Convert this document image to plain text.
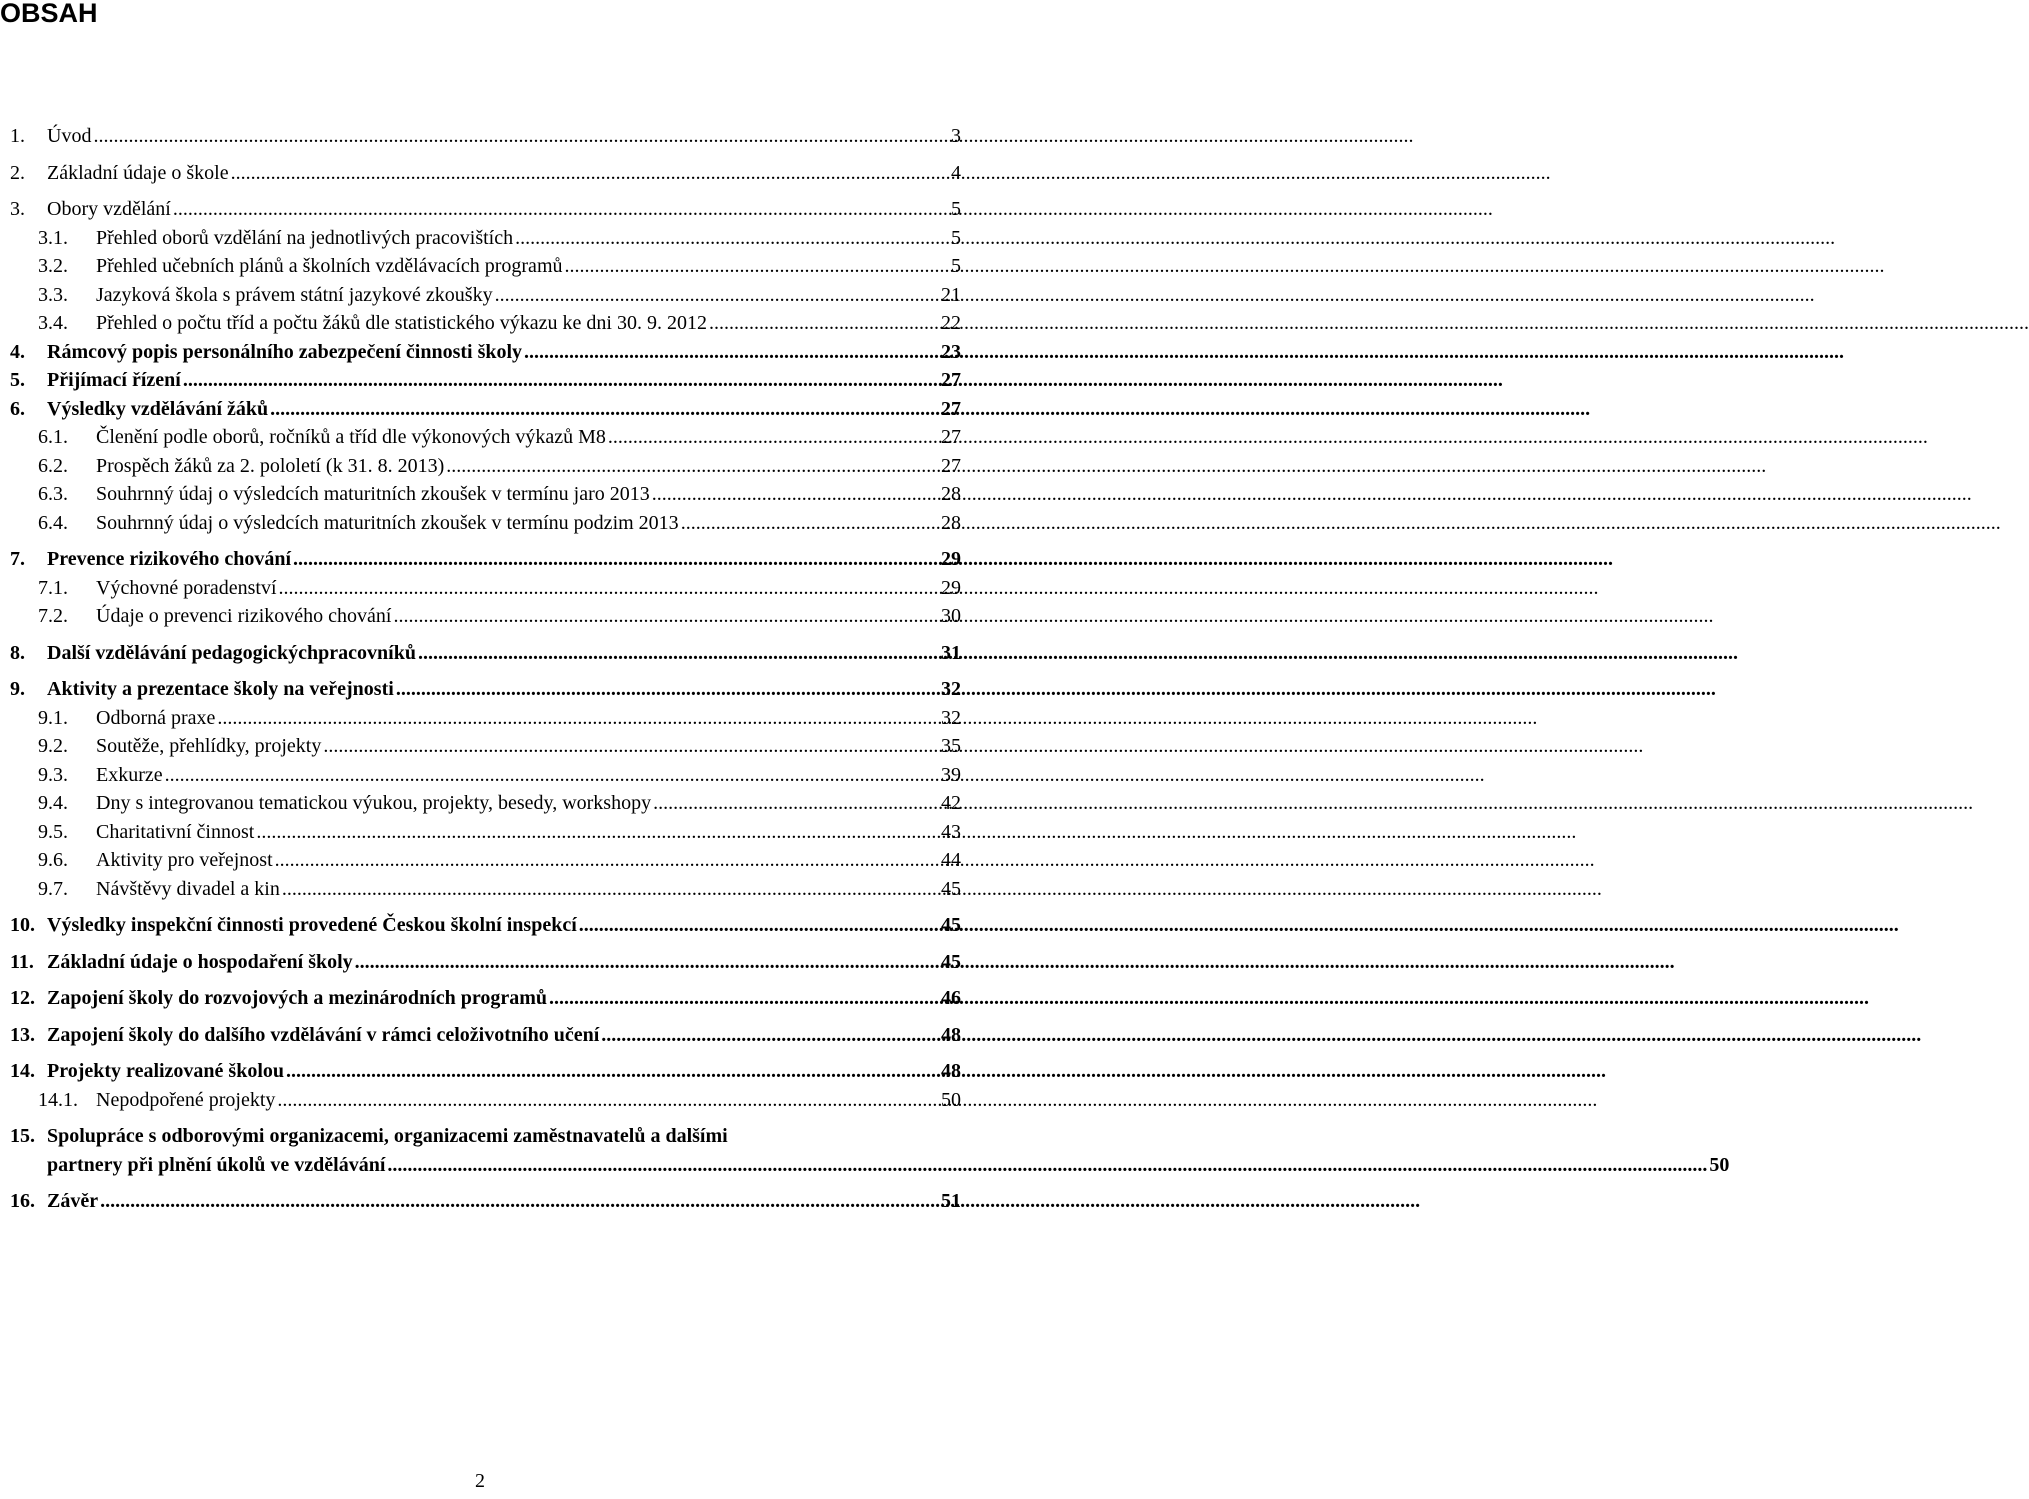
OBSAH
1.	Úvod .....	3
2.	Základní údaje o škole .....	4
3.	Obory vzdělání .....	5
3.1.	Přehled oborů vzdělání na jednotlivých pracovištích .....	5
3.2.	Přehled učebních plánů a školních vzdělávacích programů .....	5
3.3.	Jazyková škola s právem státní jazykové zkoušky .....	21
3.4.	Přehled o počtu tříd a počtu žáků dle statistického výkazu ke dni 30. 9. 2012 .....	22
4.	Rámcový popis personálního zabezpečení činnosti školy .....	23
5.	Přijímací řízení .....	27
6.	Výsledky vzdělávání žáků .....	27
6.1.	Členění podle oborů, ročníků a tříd dle výkonových výkazů M8 .....	27
6.2.	Prospěch žáků za 2. pololetí (k 31. 8. 2013) .....	27
6.3.	Souhrnný údaj o výsledcích maturitních zkoušek v termínu jaro 2013 .....	28
6.4.	Souhrnný údaj o výsledcích maturitních zkoušek v termínu podzim 2013 .....	28
7.	Prevence rizikového chování .....	29
7.1.	Výchovné poradenství .....	29
7.2.	Údaje o prevenci rizikového chování .....	30
8.	Další vzdělávání pedagogickýchpracovníků .....	31
9.	Aktivity a prezentace školy na veřejnosti .....	32
9.1.	Odborná praxe .....	32
9.2.	Soutěže, přehlídky, projekty .....	35
9.3.	Exkurze .....	39
9.4.	Dny s integrovanou tematickou výukou, projekty, besedy, workshopy .....	42
9.5.	Charitativní činnost .....	43
9.6.	Aktivity pro veřejnost .....	44
9.7.	Návštěvy divadel a kin .....	45
10. Výsledky inspekční činnosti provedené Českou školní inspekcí .....	45
11. Základní údaje o hospodaření školy .....	45
12. Zapojení školy do rozvojových a mezinárodních programů .....	46
13. Zapojení školy do dalšího vzdělávání v rámci celoživotního učení .....	48
14. Projekty realizované školou .....	48
14.1. Nepodpořené projekty .....	50
15. Spolupráce s odborovými organizacemi, organizacemi zaměstnavatelů a dalšími
partnery při plnění úkolů ve vzdělávání .....	50
16. Závěr .....	51
2
